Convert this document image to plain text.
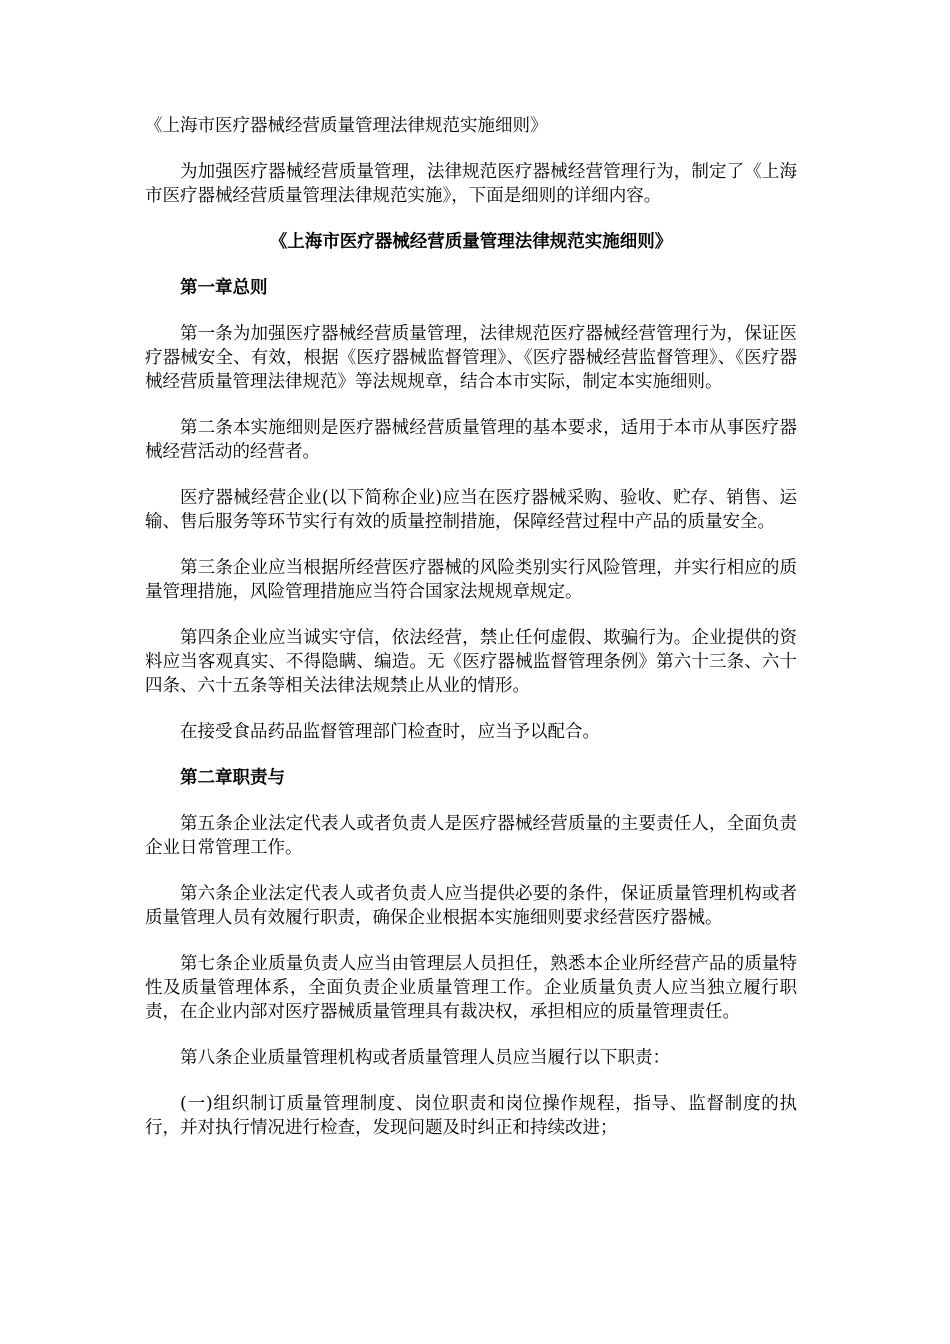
《上海市医疗器械经营质量管理法律规范实施细则》

为加强医疗器械经营质量管理，法律规范医疗器械经营管理行为，制定了《上海市医疗器械经营质量管理法律规范实施》，下面是细则的详细内容。

《上海市医疗器械经营质量管理法律规范实施细则》

第一章总则

第一条为加强医疗器械经营质量管理，法律规范医疗器械经营管理行为，保证医疗器械安全、有效，根据《医疗器械监督管理》、《医疗器械经营监督管理》、《医疗器械经营质量管理法律规范》等法规规章，结合本市实际，制定本实施细则。

第二条本实施细则是医疗器械经营质量管理的基本要求，适用于本市从事医疗器械经营活动的经营者。

医疗器械经营企业(以下简称企业)应当在医疗器械采购、验收、贮存、销售、运输、售后服务等环节实行有效的质量控制措施，保障经营过程中产品的质量安全。

第三条企业应当根据所经营医疗器械的风险类别实行风险管理，并实行相应的质量管理措施，风险管理措施应当符合国家法规规章规定。

第四条企业应当诚实守信，依法经营，禁止任何虚假、欺骗行为。企业提供的资料应当客观真实、不得隐瞒、编造。无《医疗器械监督管理条例》第六十三条、六十四条、六十五条等相关法律法规禁止从业的情形。

在接受食品药品监督管理部门检查时，应当予以配合。

第二章职责与

第五条企业法定代表人或者负责人是医疗器械经营质量的主要责任人，全面负责企业日常管理工作。

第六条企业法定代表人或者负责人应当提供必要的条件，保证质量管理机构或者质量管理人员有效履行职责，确保企业根据本实施细则要求经营医疗器械。

第七条企业质量负责人应当由管理层人员担任，熟悉本企业所经营产品的质量特性及质量管理体系，全面负责企业质量管理工作。企业质量负责人应当独立履行职责，在企业内部对医疗器械质量管理具有裁决权，承担相应的质量管理责任。

第八条企业质量管理机构或者质量管理人员应当履行以下职责：

(一)组织制订质量管理制度、岗位职责和岗位操作规程，指导、监督制度的执行，并对执行情况进行检查，发现问题及时纠正和持续改进；
